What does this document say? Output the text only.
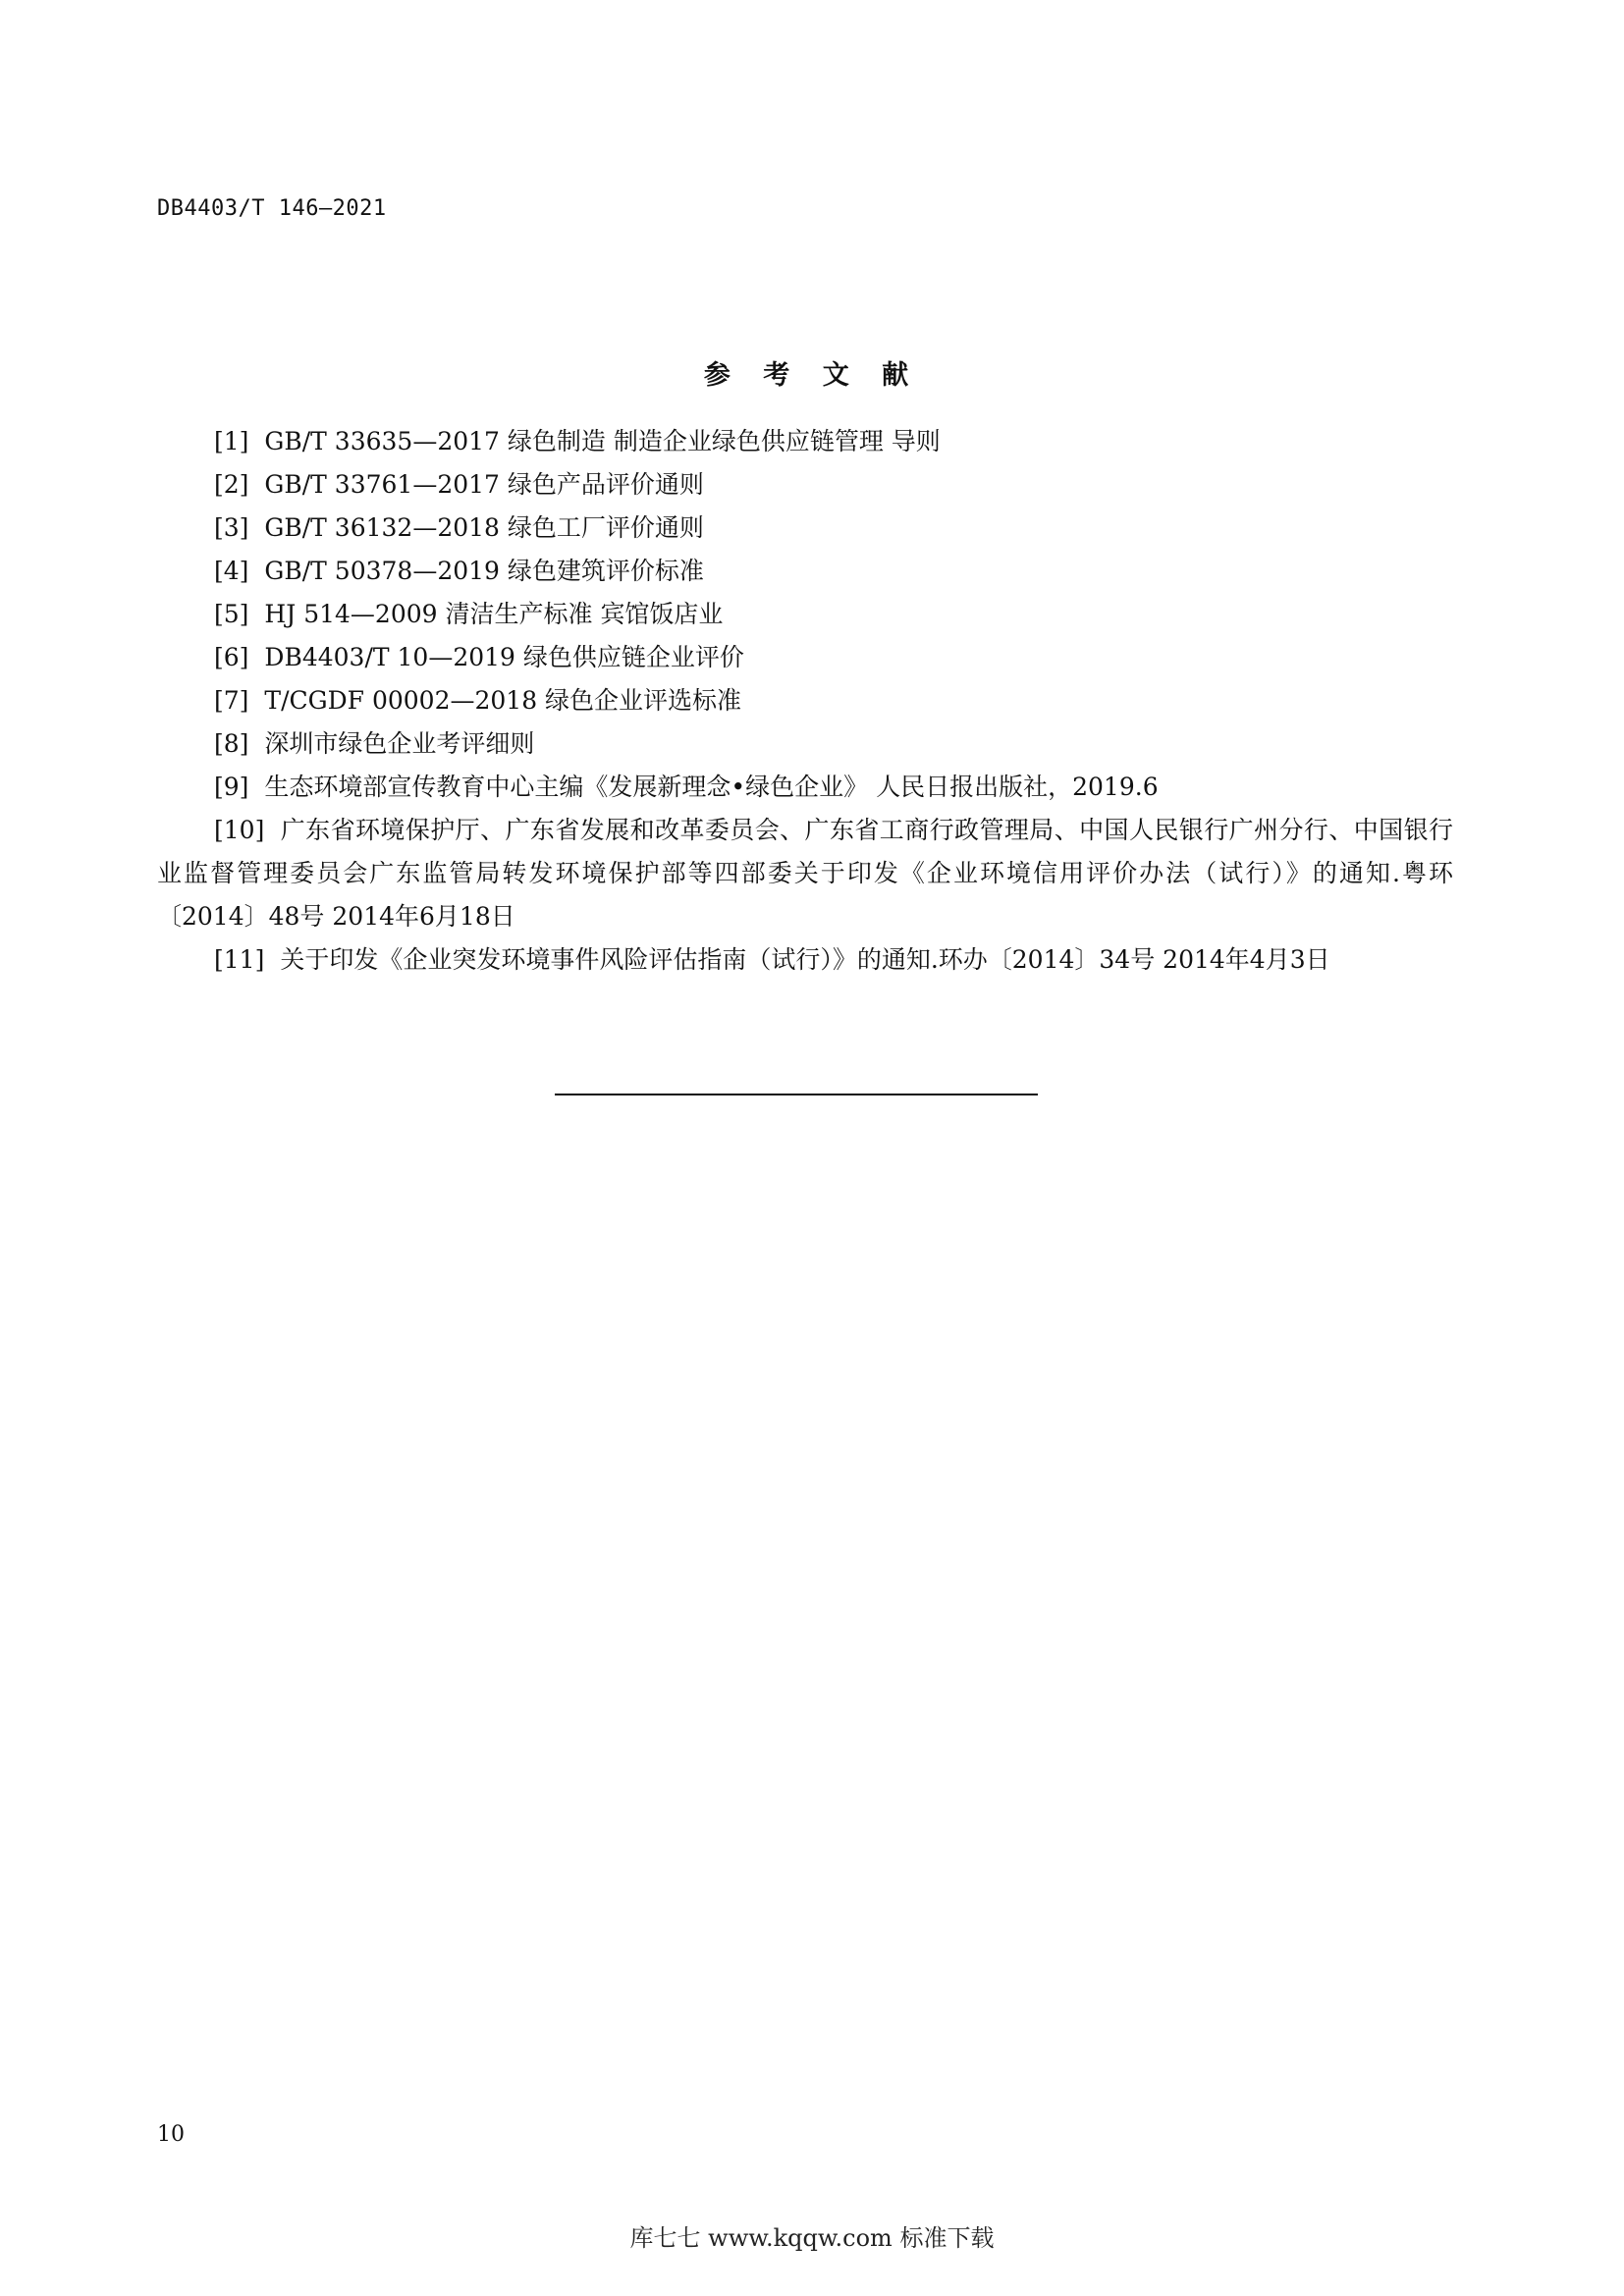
DB4403/T 146—2021
参 考 文 献
[1] GB/T 33635—2017 绿色制造 制造企业绿色供应链管理 导则
[2] GB/T 33761—2017 绿色产品评价通则
[3] GB/T 36132—2018 绿色工厂评价通则
[4] GB/T 50378—2019 绿色建筑评价标准
[5] HJ 514—2009 清洁生产标准 宾馆饭店业
[6] DB4403/T 10—2019 绿色供应链企业评价
[7] T/CGDF 00002—2018 绿色企业评选标准
[8] 深圳市绿色企业考评细则
[9] 生态环境部宣传教育中心主编《发展新理念•绿色企业》 人民日报出版社，2019.6
[10] 广东省环境保护厅、广东省发展和改革委员会、广东省工商行政管理局、中国人民银行广州分行、中国银行业监督管理委员会广东监管局转发环境保护部等四部委关于印发《企业环境信用评价办法（试行）》的通知.粤环〔2014〕48号 2014年6月18日
[11] 关于印发《企业突发环境事件风险评估指南（试行）》的通知.环办〔2014〕34号 2014年4月3日
10
库七七 www.kqqw.com 标准下载
